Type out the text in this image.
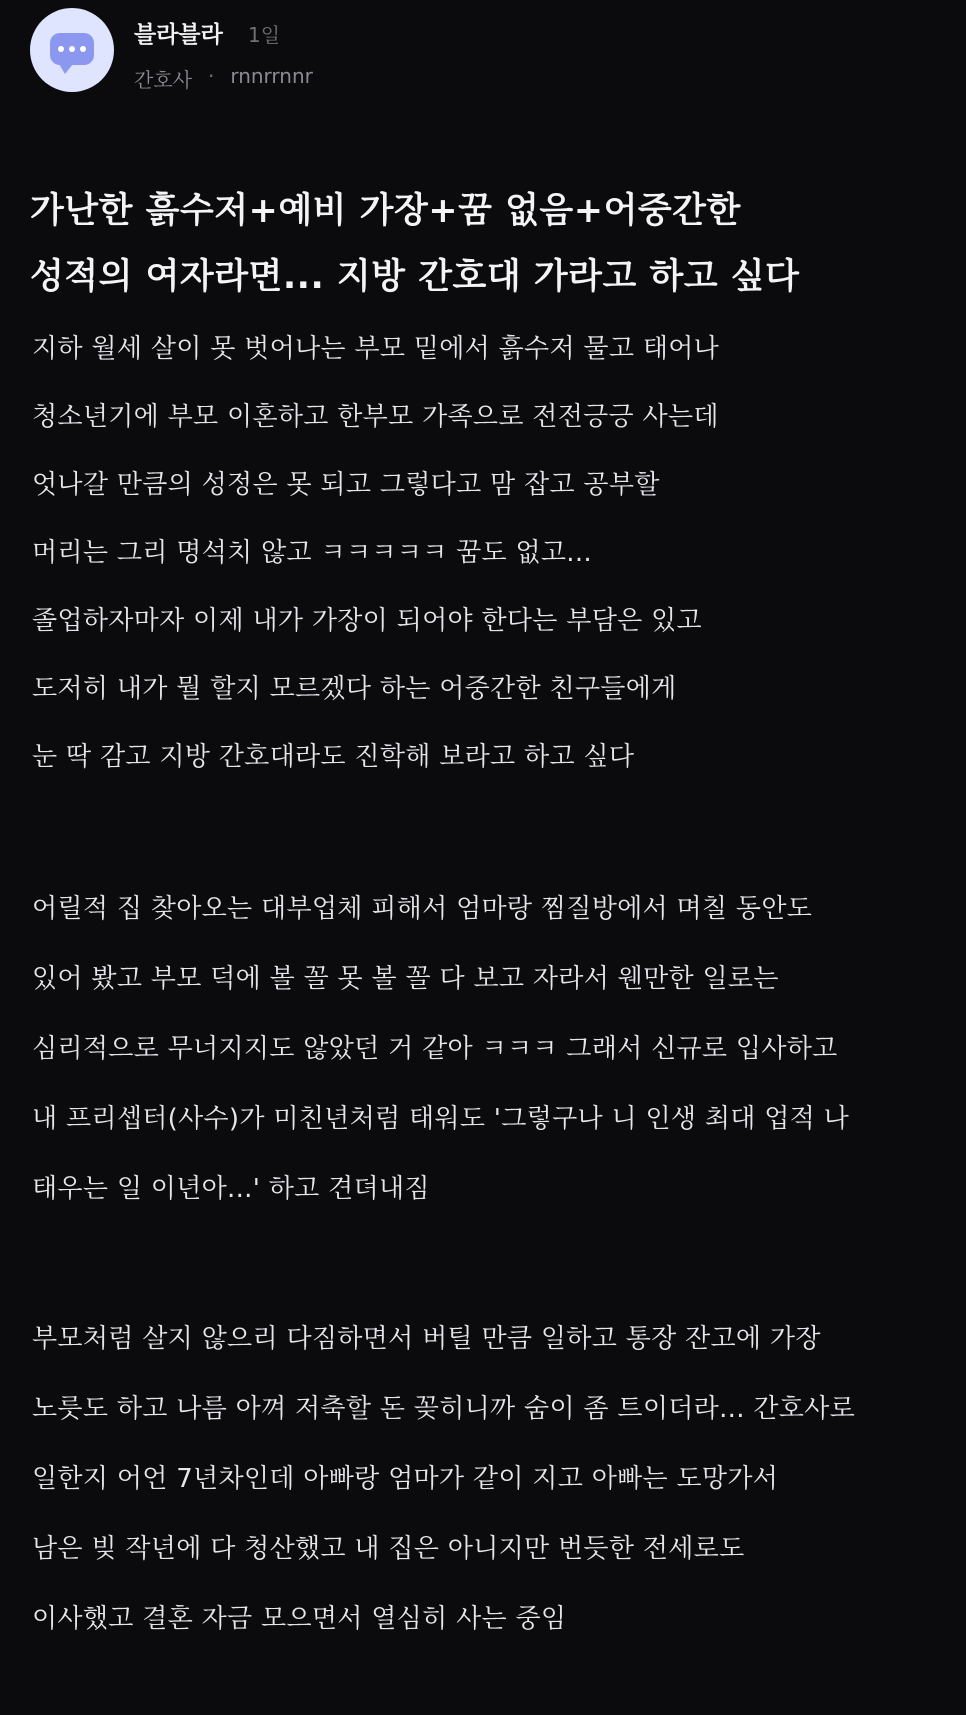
블라블라 1일
간호사 · rnnrrnnr
가난한 흙수저+예비 가장+꿈 없음+어중간한
성적의 여자라면... 지방 간호대 가라고 하고 싶다
지하 월세 살이 못 벗어나는 부모 밑에서 흙수저 물고 태어나
청소년기에 부모 이혼하고 한부모 가족으로 전전긍긍 사는데
엇나갈 만큼의 성정은 못 되고 그렇다고 맘 잡고 공부할
머리는 그리 명석치 않고 ㅋㅋㅋㅋㅋ 꿈도 없고...
졸업하자마자 이제 내가 가장이 되어야 한다는 부담은 있고
도저히 내가 뭘 할지 모르겠다 하는 어중간한 친구들에게
눈 딱 감고 지방 간호대라도 진학해 보라고 하고 싶다
어릴적 집 찾아오는 대부업체 피해서 엄마랑 찜질방에서 며칠 동안도
있어 봤고 부모 덕에 볼 꼴 못 볼 꼴 다 보고 자라서 웬만한 일로는
심리적으로 무너지지도 않았던 거 같아 ㅋㅋㅋ 그래서 신규로 입사하고
내 프리셉터(사수)가 미친년처럼 태워도 '그렇구나 니 인생 최대 업적 나
태우는 일 이년아...' 하고 견뎌내짐
부모처럼 살지 않으리 다짐하면서 버틸 만큼 일하고 통장 잔고에 가장
노릇도 하고 나름 아껴 저축할 돈 꽂히니까 숨이 좀 트이더라... 간호사로
일한지 어언 7년차인데 아빠랑 엄마가 같이 지고 아빠는 도망가서
남은 빚 작년에 다 청산했고 내 집은 아니지만 번듯한 전세로도
이사했고 결혼 자금 모으면서 열심히 사는 중임
